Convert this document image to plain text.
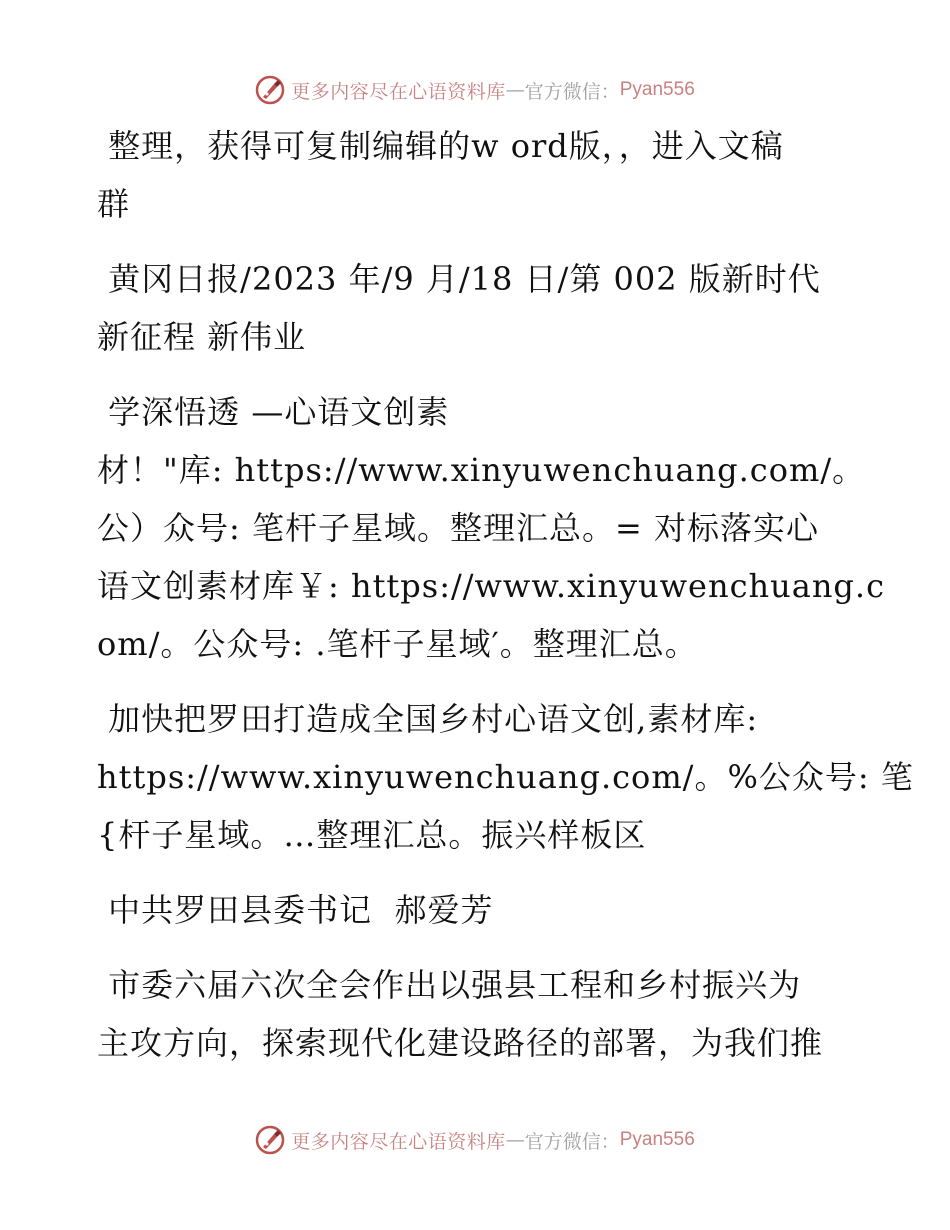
更多内容尽在心语资料库 — 官方微信： Pyan556
整理，获得可复制编辑的w ord版，，进入文稿
群
黄冈日报/2023 年/9 月/18 日/第 002 版新时代
新征程 新伟业
学深悟透 —心语文创素
材！"库: https://www.xinyuwenchuang.com/。
公）众号: 笔杆子星域。整理汇总。= 对标落实心
语文创素材库￥: https://www.xinyuwenchuang.c
om/。公众号: .笔杆子星域′。整理汇总。
加快把罗田打造成全国乡村心语文创,素材库:
https://www.xinyuwenchuang.com/。%公众号: 笔
{杆子星域。…整理汇总。振兴样板区
中共罗田县委书记  郝爱芳
市委六届六次全会作出以强县工程和乡村振兴为
主攻方向，探索现代化建设路径的部署，为我们推
更多内容尽在心语资料库 — 官方微信： Pyan556
